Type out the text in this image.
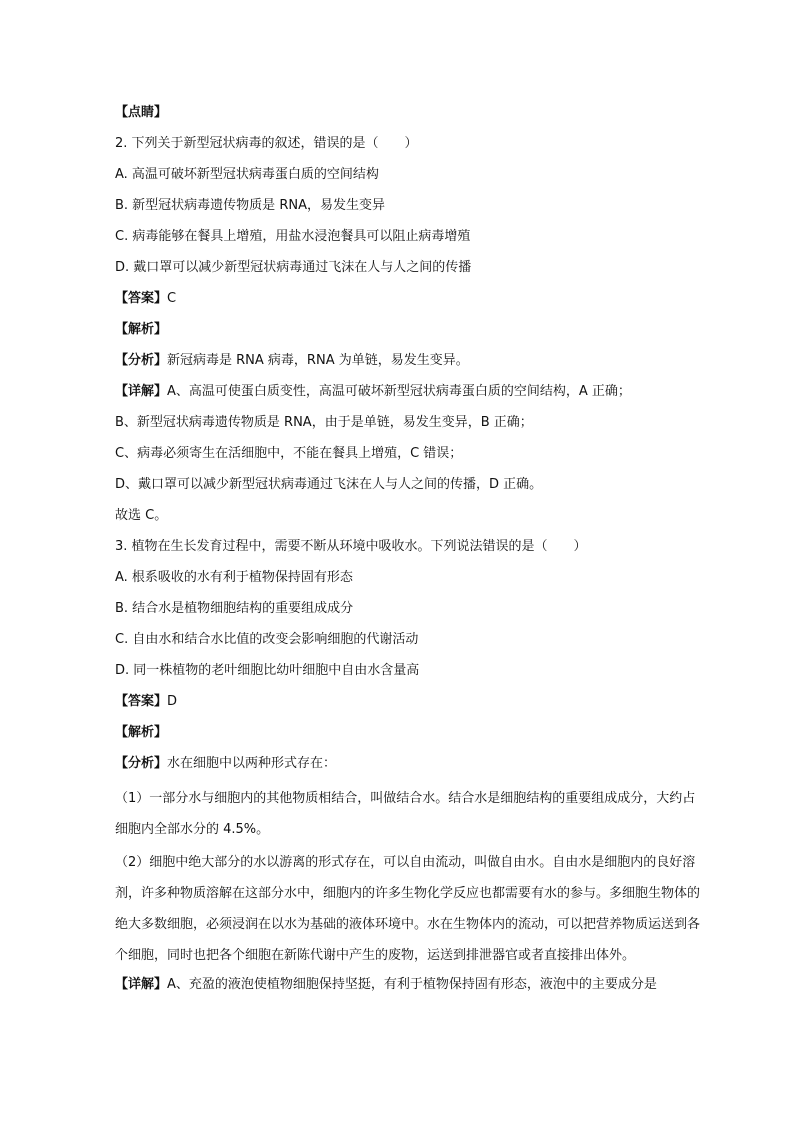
【点睛】
2. 下列关于新型冠状病毒的叙述，错误的是（　　）
A. 高温可破坏新型冠状病毒蛋白质的空间结构
B. 新型冠状病毒遗传物质是 RNA，易发生变异
C. 病毒能够在餐具上增殖，用盐水浸泡餐具可以阻止病毒增殖
D. 戴口罩可以减少新型冠状病毒通过飞沫在人与人之间的传播
【答案】C
【解析】
【分析】新冠病毒是 RNA 病毒，RNA 为单链，易发生变异。
【详解】A、高温可使蛋白质变性，高温可破坏新型冠状病毒蛋白质的空间结构，A 正确；
B、新型冠状病毒遗传物质是 RNA，由于是单链，易发生变异，B 正确；
C、病毒必须寄生在活细胞中，不能在餐具上增殖，C 错误；
D、戴口罩可以减少新型冠状病毒通过飞沫在人与人之间的传播，D 正确。
故选 C。
3. 植物在生长发育过程中，需要不断从环境中吸收水。下列说法错误的是（　　）
A. 根系吸收的水有利于植物保持固有形态
B. 结合水是植物细胞结构的重要组成成分
C. 自由水和结合水比值的改变会影响细胞的代谢活动
D. 同一株植物的老叶细胞比幼叶细胞中自由水含量高
【答案】D
【解析】
【分析】水在细胞中以两种形式存在：
（1）一部分水与细胞内的其他物质相结合，叫做结合水。结合水是细胞结构的重要组成成分，大约占细胞内全部水分的 4.5%。
（2）细胞中绝大部分的水以游离的形式存在，可以自由流动，叫做自由水。自由水是细胞内的良好溶剂，许多种物质溶解在这部分水中，细胞内的许多生物化学反应也都需要有水的参与。多细胞生物体的绝大多数细胞，必须浸润在以水为基础的液体环境中。水在生物体内的流动，可以把营养物质运送到各个细胞，同时也把各个细胞在新陈代谢中产生的废物，运送到排泄器官或者直接排出体外。
【详解】A、充盈的液泡使植物细胞保持坚挺，有利于植物保持固有形态，液泡中的主要成分是
